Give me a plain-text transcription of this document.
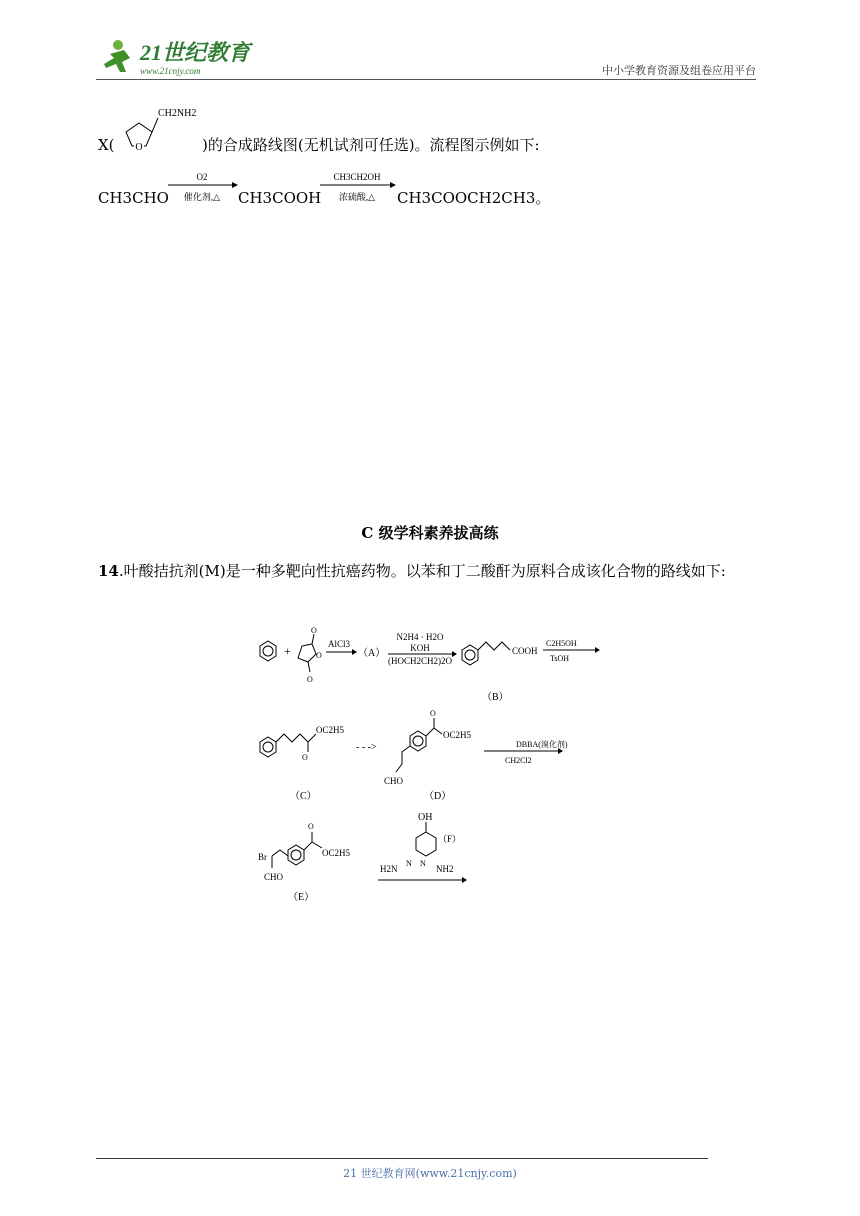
21世纪教育
www.21cnjy.com	中小学教育资源及组卷应用平台
X( O
CH2NH2
)的合成路线图(无机试剂可任选)。流程图示例如下:
CH3CHO
O2
催化剂,△ CH3COOH
CH3CH2OH
浓硫酸,△ CH3COOCH2CH3。
C 级学科素养拔高练
14.叶酸拮抗剂(M)是一种多靶向性抗癌药物。以苯和丁二酸酐为原料合成该化合物的路线如下:
+
O
O
O
AlCl3
（A）
N2H4 · H2O
KOH
(HOCH2CH2)2O
COOH
C2H5OH
TsOH
（B）
O
OC2H5
（C）
- - ->
O
OC2H5
CHO
（D）
DBBA(溴化剂)
CH2Cl2
Br
CHO
O
OC2H5
（E）
OH
（F）
N N
H2N	NH2
21 世纪教育网(www.21cnjy.com)
